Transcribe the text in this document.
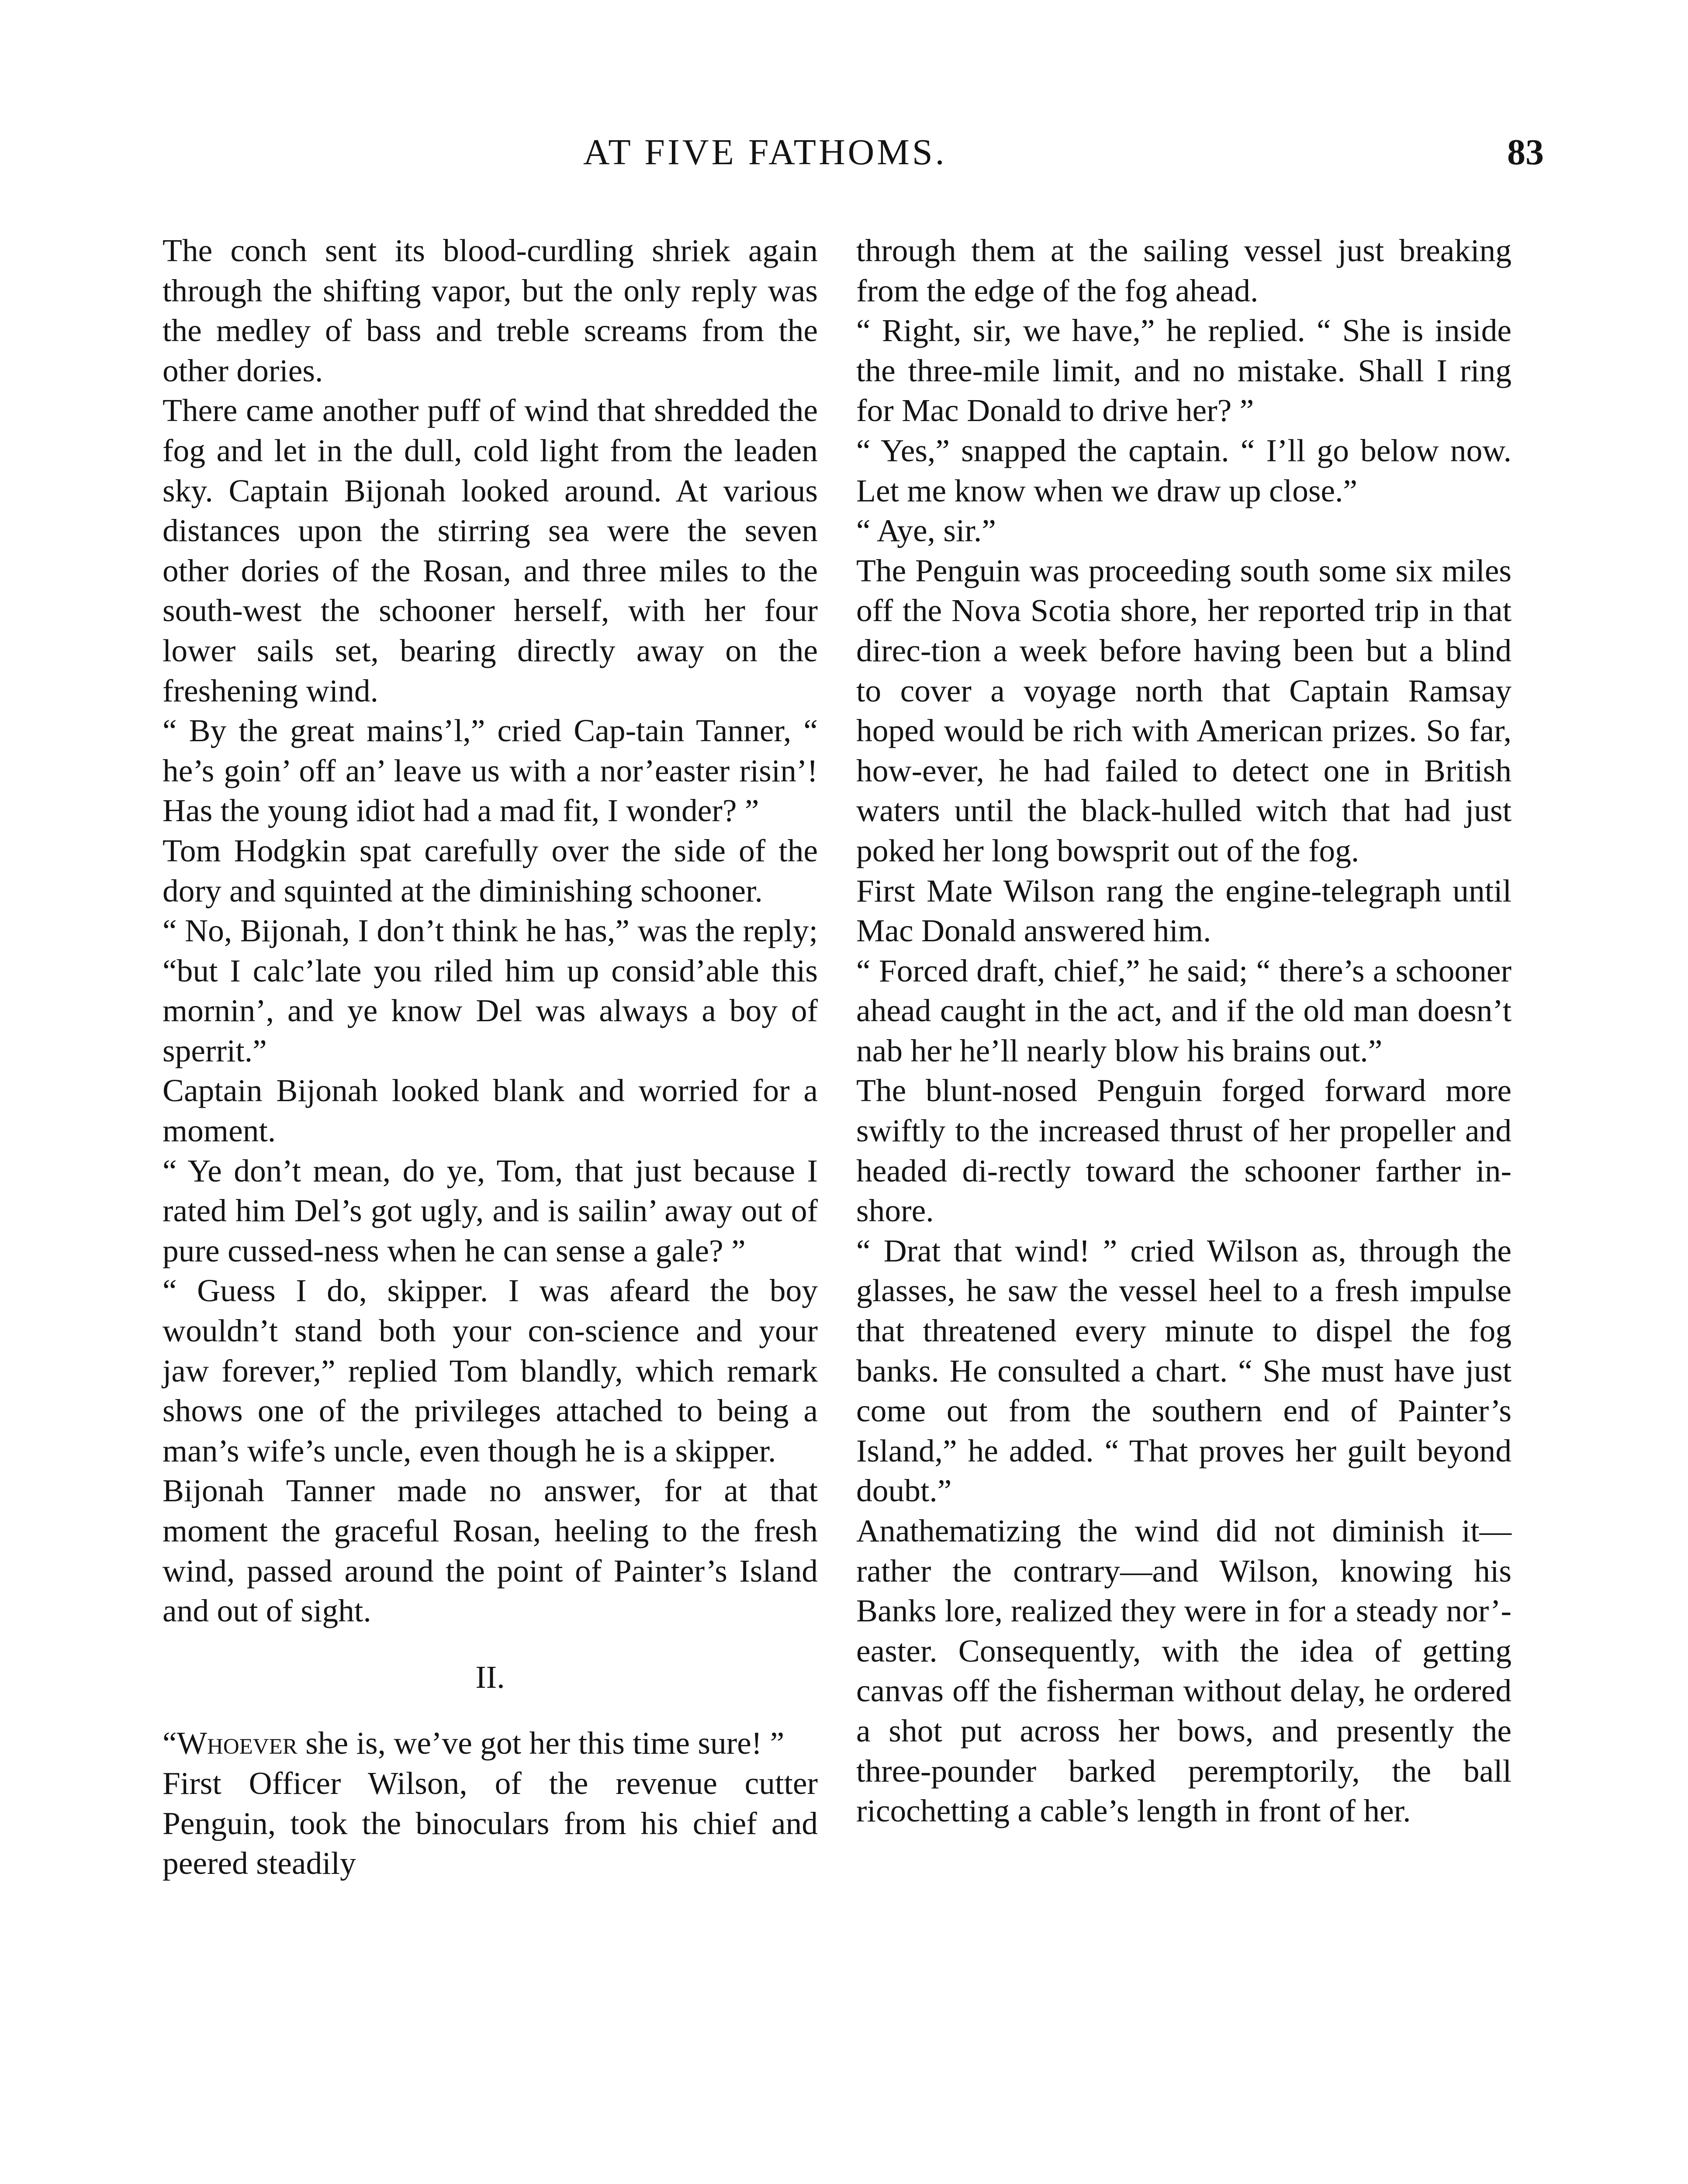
AT FIVE FATHOMS.	83

The conch sent its blood-curdling shriek again through the shifting vapor, but the only reply was the medley of bass and treble screams from the other dories.

There came another puff of wind that shredded the fog and let in the dull, cold light from the leaden sky. Captain Bijonah looked around. At various distances upon the stirring sea were the seven other dories of the Rosan, and three miles to the south-west the schooner herself, with her four lower sails set, bearing directly away on the freshening wind.

“ By the great mains’l,” cried Cap-tain Tanner, “ he’s goin’ off an’ leave us with a nor’easter risin’! Has the young idiot had a mad fit, I wonder? ”

Tom Hodgkin spat carefully over the side of the dory and squinted at the diminishing schooner.

“ No, Bijonah, I don’t think he has,” was the reply; “but I calc’late you riled him up consid’able this mornin’, and ye know Del was always a boy of sperrit.”

Captain Bijonah looked blank and worried for a moment.

“ Ye don’t mean, do ye, Tom, that just because I rated him Del’s got ugly, and is sailin’ away out of pure cussed-ness when he can sense a gale? ”

“ Guess I do, skipper. I was afeard the boy wouldn’t stand both your con-science and your jaw forever,” replied Tom blandly, which remark shows one of the privileges attached to being a man’s wife’s uncle, even though he is a skipper.

Bijonah Tanner made no answer, for at that moment the graceful Rosan, heeling to the fresh wind, passed around the point of Painter’s Island and out of sight.

II.

“Whoever she is, we’ve got her this time sure! ”

First Officer Wilson, of the revenue cutter Penguin, took the binoculars from his chief and peered steadily

through them at the sailing vessel just breaking from the edge of the fog ahead.

“ Right, sir, we have,” he replied. “ She is inside the three-mile limit, and no mistake. Shall I ring for Mac Donald to drive her? ”

“ Yes,” snapped the captain. “ I’ll go below now. Let me know when we draw up close.”

“ Aye, sir.”

The Penguin was proceeding south some six miles off the Nova Scotia shore, her reported trip in that direc-tion a week before having been but a blind to cover a voyage north that Captain Ramsay hoped would be rich with American prizes. So far, how-ever, he had failed to detect one in British waters until the black-hulled witch that had just poked her long bowsprit out of the fog.

First Mate Wilson rang the engine-telegraph until Mac Donald answered him.

“ Forced draft, chief,” he said; “ there’s a schooner ahead caught in the act, and if the old man doesn’t nab her he’ll nearly blow his brains out.”

The blunt-nosed Penguin forged forward more swiftly to the increased thrust of her propeller and headed di-rectly toward the schooner farther in-shore.

“ Drat that wind! ” cried Wilson as, through the glasses, he saw the vessel heel to a fresh impulse that threatened every minute to dispel the fog banks. He consulted a chart. “ She must have just come out from the southern end of Painter’s Island,” he added. “ That proves her guilt beyond doubt.”

Anathematizing the wind did not diminish it—rather the contrary—and Wilson, knowing his Banks lore, realized they were in for a steady nor’-easter. Consequently, with the idea of getting canvas off the fisherman without delay, he ordered a shot put across her bows, and presently the three-pounder barked peremptorily, the ball ricochetting a cable’s length in front of her.
